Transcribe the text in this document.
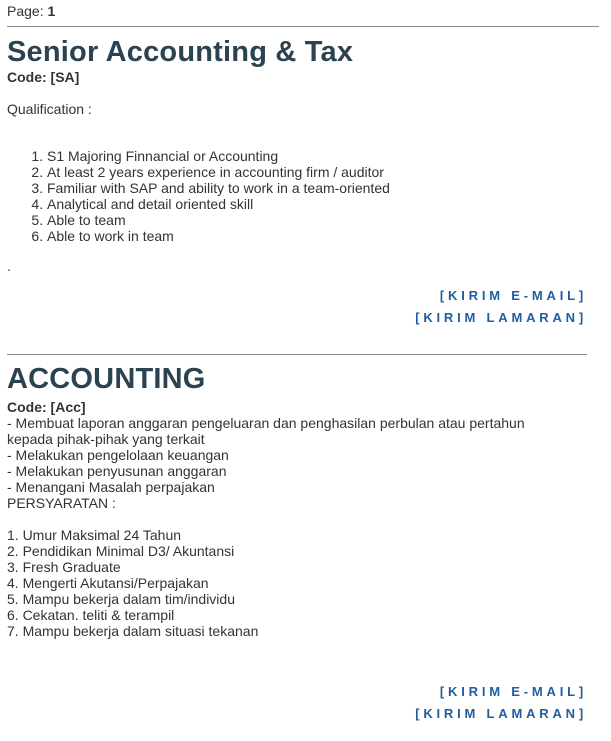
Page: 1
Senior Accounting & Tax

Code: [SA]

Qualification :

1. S1 Majoring Finnancial or Accounting
2. At least 2 years experience in accounting firm / auditor
3. Familiar with SAP and ability to work in a team-oriented
4. Analytical and detail oriented skill
5. Able to team
6. Able to work in team

.

[KIRIM E-MAIL]
[KIRIM LAMARAN]
ACCOUNTING

Code: [Acc]

- Membuat laporan anggaran pengeluaran dan penghasilan perbulan atau pertahun

kepada pihak-pihak yang terkait

- Melakukan pengelolaan keuangan

- Melakukan penyusunan anggaran

- Menangani Masalah perpajakan

PERSYARATAN :

1. Umur Maksimal 24 Tahun

2. Pendidikan Minimal D3/ Akuntansi

3. Fresh Graduate

4. Mengerti Akutansi/Perpajakan

5. Mampu bekerja dalam tim/individu

6. Cekatan. teliti & terampil

7. Mampu bekerja dalam situasi tekanan

[KIRIM E-MAIL]
[KIRIM LAMARAN]
